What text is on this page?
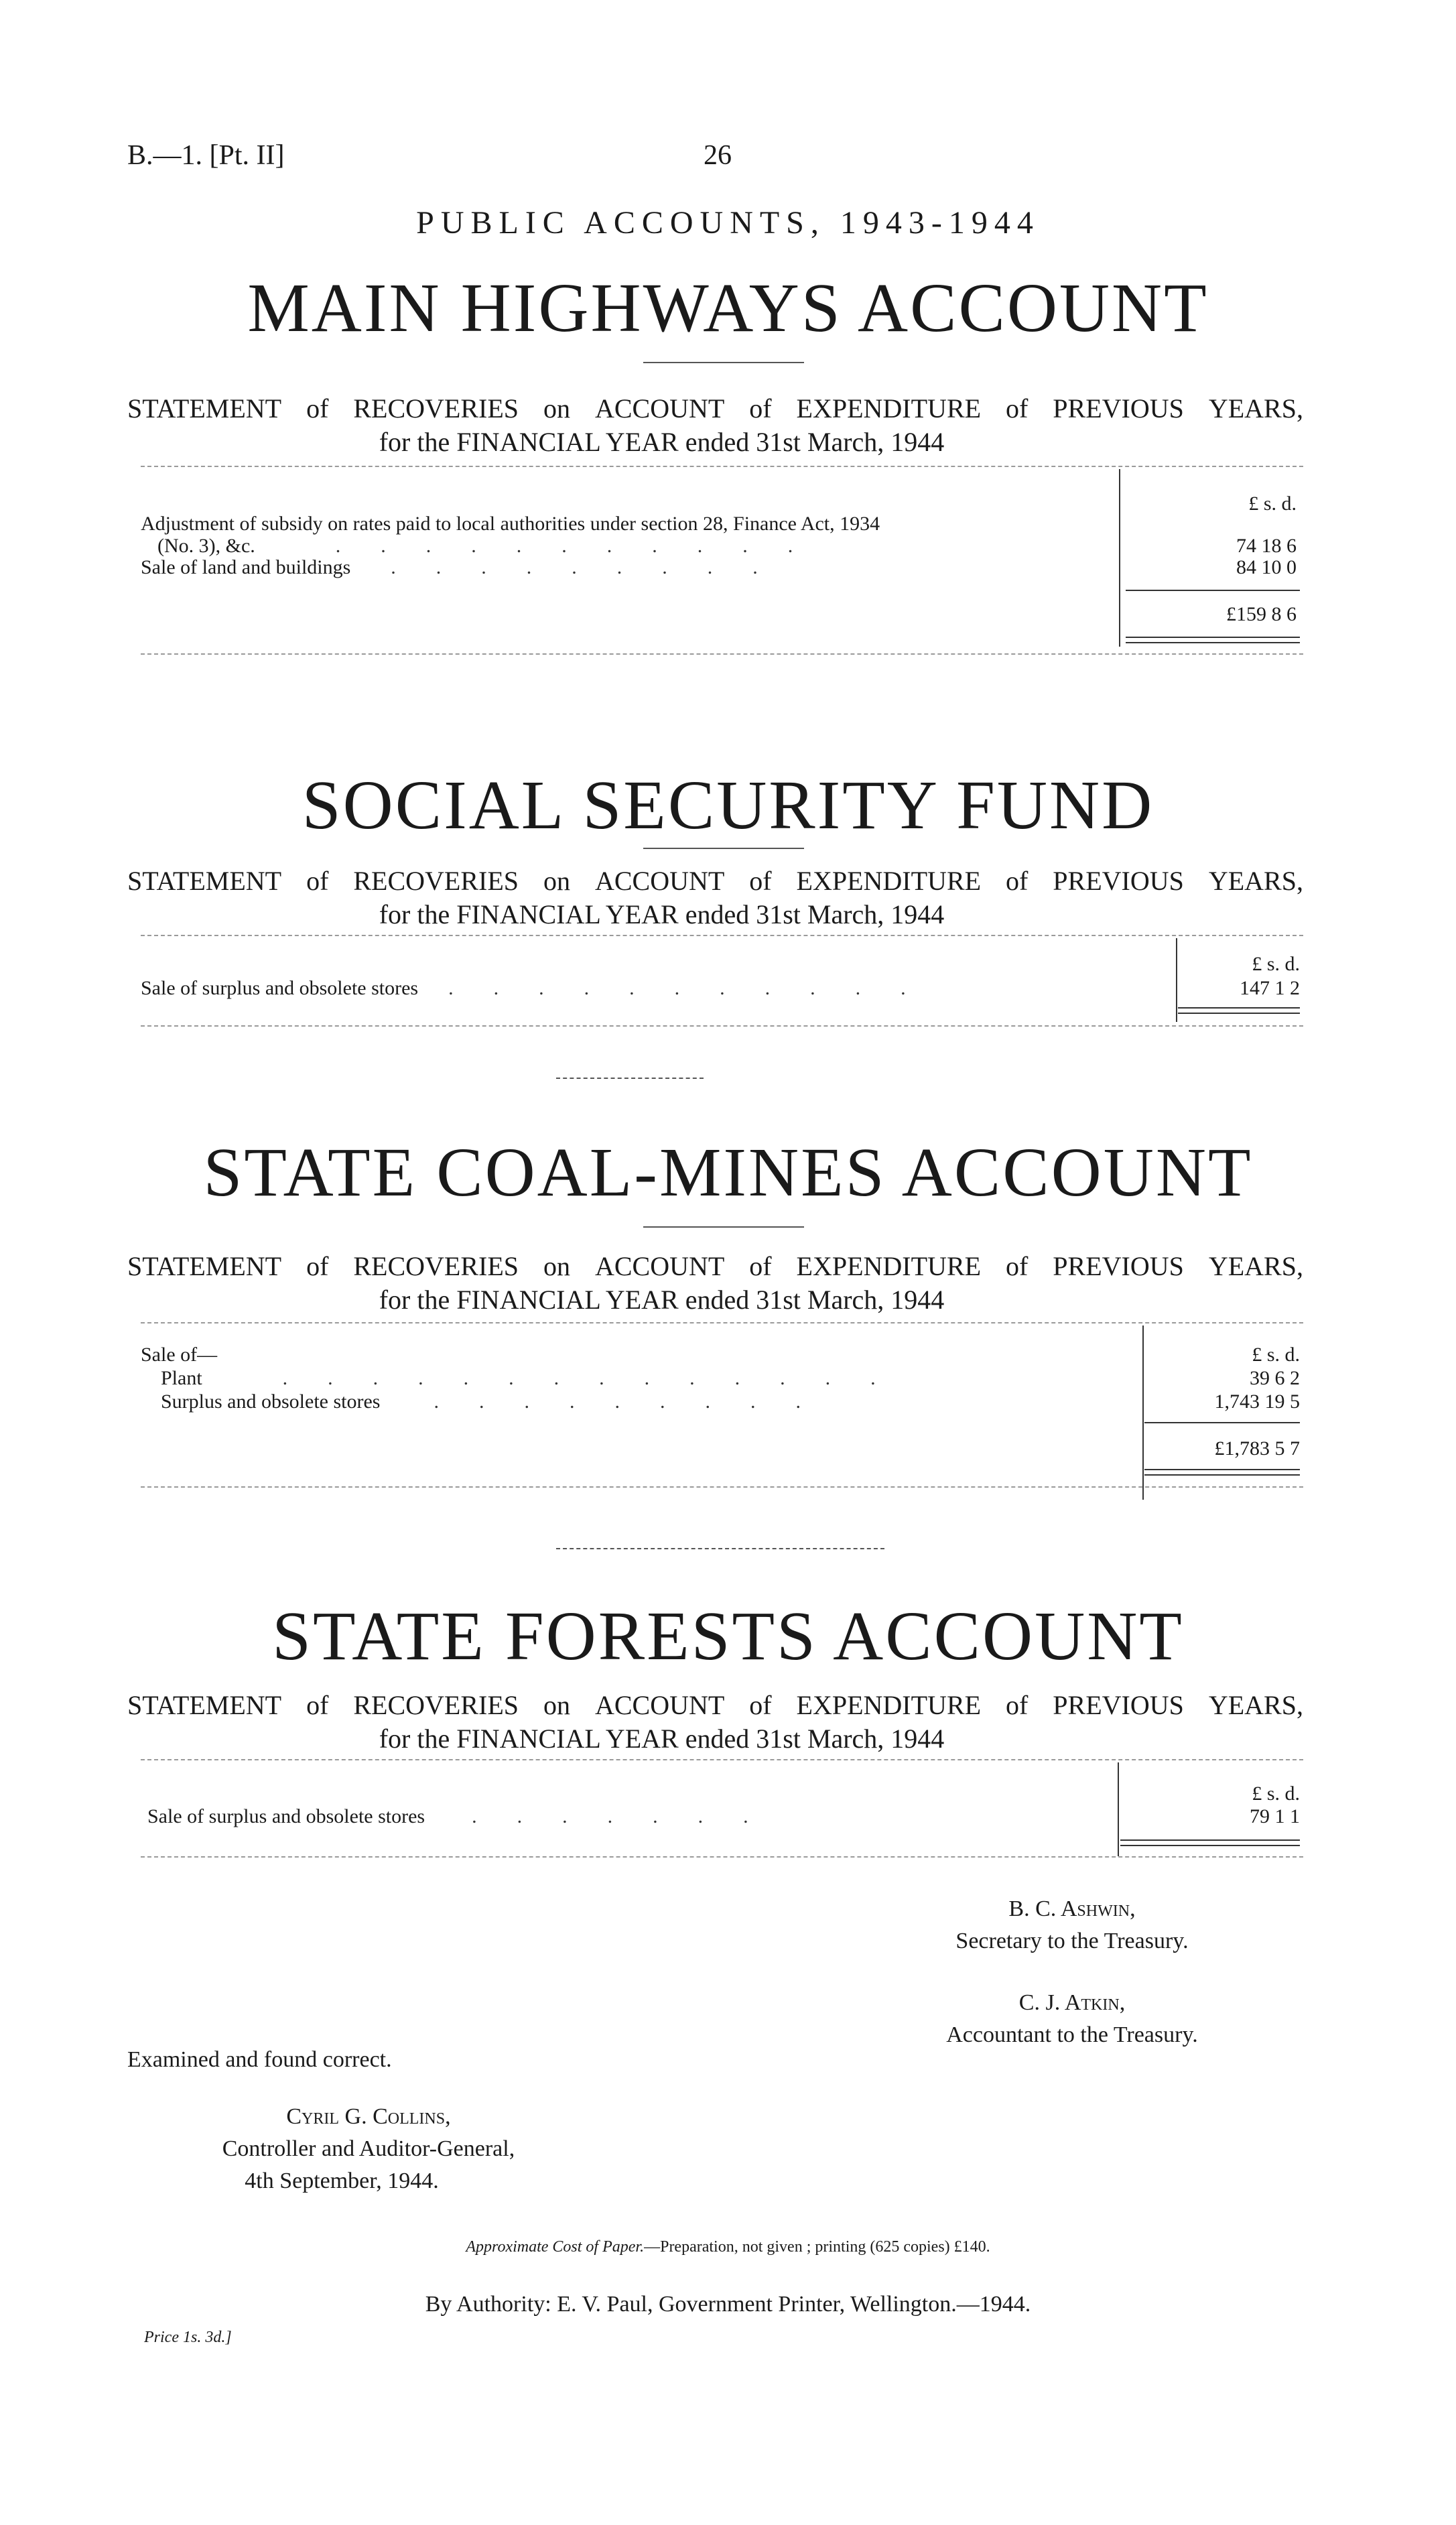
B.—1. [Pt. II]	26
PUBLIC ACCOUNTS, 1943-1944
MAIN HIGHWAYS ACCOUNT
STATEMENT of RECOVERIES on ACCOUNT of EXPENDITURE of PREVIOUS YEARS,
for the FINANCIAL YEAR ended 31st March, 1944
£ s. d.
Adjustment of subsidy on rates paid to local authorities under section 28, Finance Act, 1934
(No. 3), &c.	...........	74 18 6
Sale of land and buildings .........	84 10 0
£159 8 6
SOCIAL SECURITY FUND
STATEMENT of RECOVERIES on ACCOUNT of EXPENDITURE of PREVIOUS YEARS,
for the FINANCIAL YEAR ended 31st March, 1944
£ s. d.
Sale of surplus and obsolete stores ...........	147 1 2
STATE COAL-MINES ACCOUNT
STATEMENT of RECOVERIES on ACCOUNT of EXPENDITURE of PREVIOUS YEARS,
for the FINANCIAL YEAR ended 31st March, 1944
Sale of—	£ s. d.
Plant	..............	39 6 2
Surplus and obsolete stores	.........	1,743 19 5
£1,783 5 7
STATE FORESTS ACCOUNT
STATEMENT of RECOVERIES on ACCOUNT of EXPENDITURE of PREVIOUS YEARS,
for the FINANCIAL YEAR ended 31st March, 1944
£ s. d.
Sale of surplus and obsolete stores .......	79 1 1
B. C. Ashwin,
Secretary to the Treasury.
C. J. Atkin,
Accountant to the Treasury.
Examined and found correct.
Cyril G. Collins,
Controller and Auditor-General,
4th September, 1944.
Approximate Cost of Paper.—Preparation, not given ; printing (625 copies) £140.
By Authority: E. V. Paul, Government Printer, Wellington.—1944.
Price 1s. 3d.]
